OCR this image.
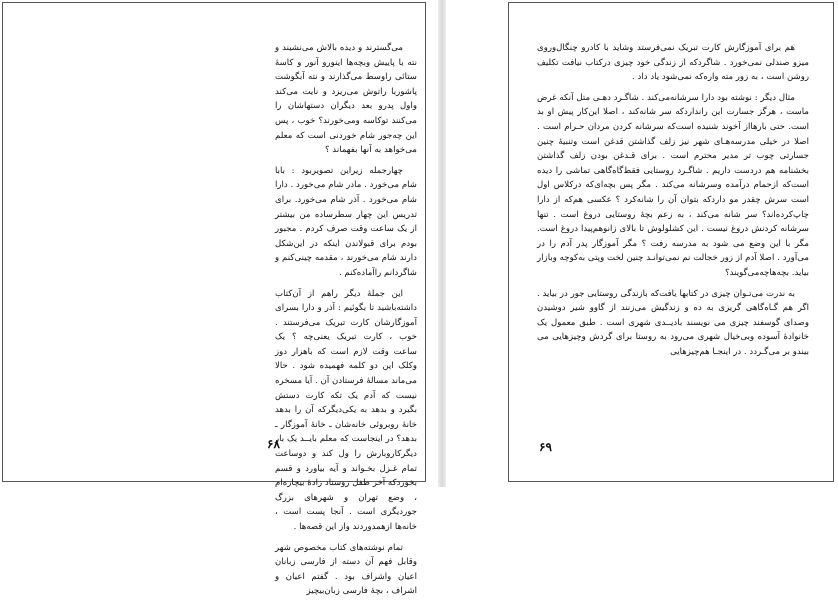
می‌گسترند و دیده بالاش می‌نشیند و نته با پاییش وبچه‌ها اینورو آنور و کاسهٔ ستائی راوسط می‌گذارند و نته آبگوشت پاشوربا راتوش می‌ریزد و نایت می‌کند واول پدرو بعد دیگران دستهاشان را می‌کنند توکاسه ومی‌خورند؟ خوب ، پس این چه‌جور شام خوردنی است که معلم می‌خواهد به آنها بفهماند ؟

چهارجمله زیراین تصویربود : بابا شام می‌خورد . مادر شام می‌خورد . دارا شام می‌خورد . آذر شام می‌خورد. برای تدریس این چهار سطرساده من بیشتر از یک ساعت وقت صرف کردم . مجبور بودم برای قبولاندن اینکه در این‌شکل دارند شام می‌خورند ، مقدمه چینی‌کنم و شاگردانم راآماده‌کنم .

این جملهٔ دیگر راهم از آن‌کتاب داشته‌باشید تا بگوئیم : آذر و دارا بسرای آموزگارشان کارت تبریک می‌فرستند . خوب ، کارت تبریک یعنی‌چه ؟ یک ساعت وقت لازم است که باهزار دوز وکلک این دو کلمه فهمیده شود . حالا می‌ماند مسالهٔ فرستادن آن . آیا مسخره نیست که آدم یک تکه کارت دستش بگیرد و بدهد به یکی‌دیگرکه آن را بدهد خانهٔ روبروئی خانه‌شان ـ خانهٔ آموزگار ـ بدهد؟ در اینجاست که معلم بایــد یک بار دیگرکاروبارش را ول کند و دوساعت تمام غـزل بخـواند و آیه بیاورد و قسم بخوردکه آخر طفل روستاد زادهٔ بیچاره‌ام ، وضع تهران و شهرهای بزرگ جوردیگری است . آنجا پست است ، خانه‌ها ازهمدوردند واز این قصه‌ها .

تمام نوشته‌های کتاب مخصوص شهر وقابل فهم آن دسته از فارسی زبانان اعیان واشراف بود . گفتم اعیان و اشراف ، بچهٔ فارسی زبان‌بیچیز

۶۸

هم برای آموزگارش کارت تبریک نمی‌فرستد وشاید با کادرو چنگال‌وروی میزو صندلی نمی‌خورد . شاگردکه از زندگی خود چیزی درکتاب نیافت تکلیف روشن است ، به زور مته واره‌که نمی‌شود یاد داد .

مثال دیگر : نوشته بود دارا سرشانه‌می‌کند . شاگـرد دهـی متل آنکه غرض ماست ، هرگز جسارت این راندارد‌که سر شانه‌کند ، اصلا این‌کار پیش او بد است. حتی بارهااز آخوند شنیده است‌که سرشانه کردن مردان حـرام است . اصلا در خیلی مدرسه‌هـای شهر نیز زلف گذاشتن قدغن است وتنبیهٔ چنین جسارتی چوب تر مدیر محترم است . برای قـدغن بودن زلف گذاشتن بخشنامه هم دردست داریم . شاگـرد روستایی فقط‌گاه‌گاهی تماشی را دیده است‌که ازحمام درآمده وسرشانه می‌کند . مگر پس بچه‌ای‌که درکلاس اول است سرش چقدر مو دارد‌که بتوان آن را شانه‌کرد ؟ عکسی هم‌که از دارا چاپ‌کرده‌اند؟ سر شانه می‌کند ، به زعم بچهٔ روستایی دروغ است . تنها سرشانه کردنش دروغ نیست . این کشلولوش تا بالای زانو‌هم‌پیدا دروغ است. مگر با این وضع می شود به مدرسه رفت ؟ مگر آموزگار پدر آدم را در می‌آورد . اصلا آدم از زور خجالت‌ نم‌ نمی‌توانـد چنین لخت وپتی به‌کوچه وبازار بیاید. بچه‌هاچه‌می‌گویند؟

به ندرت می‌تـوان چیزی در کتابها یافت‌که بازندگی روستایی جور در بیاید . اگر هم گـاه‌گاهی گریزی به ده و زندگیش می‌زنند از گاوو شیر دوشیدن وصدای گوسفند چیزی می نویسند بادیــدی شهری است . طبق معمول یک خانوادهٔ آسوده وبی‌خیال شهری می‌رود به روستا برای گردش وچیزهایی می بیندو بر می‌گـردد . در اینجـا هم‌چیزهایی

۶۹
